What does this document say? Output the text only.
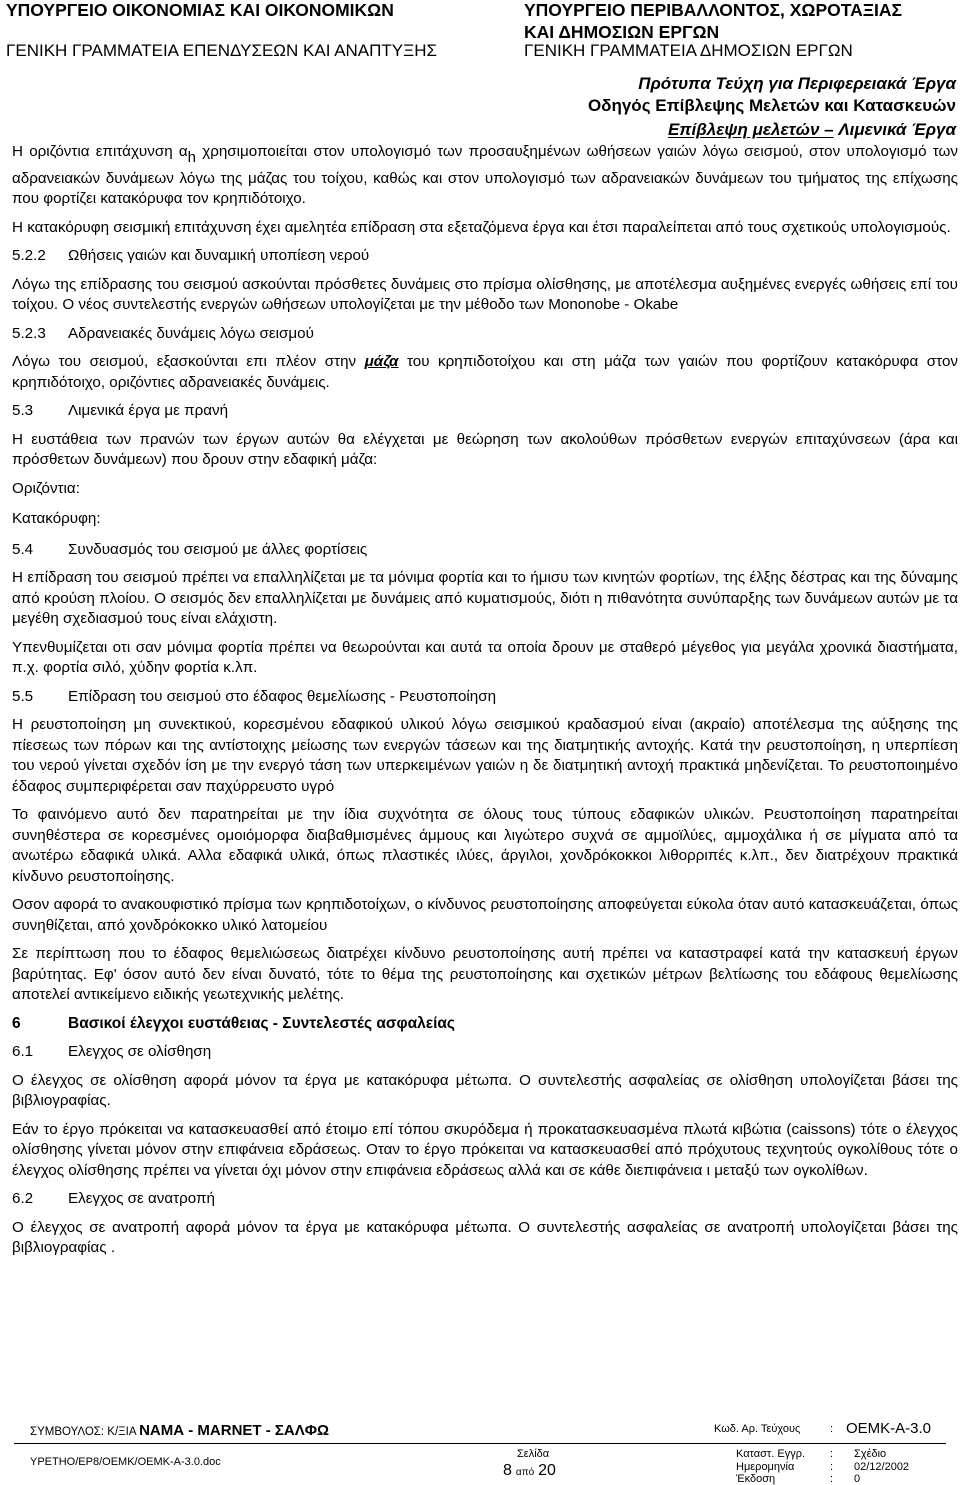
ΥΠΟΥΡΓΕΙΟ ΟΙΚΟΝΟΜΙΑΣ ΚΑΙ ΟΙΚΟΝΟΜΙΚΩΝ
ΓΕΝΙΚΗ ΓΡΑΜΜΑΤΕΙΑ ΕΠΕΝΔΥΣΕΩΝ ΚΑΙ ΑΝΑΠΤΥΞΗΣ
ΥΠΟΥΡΓΕΙΟ ΠΕΡΙΒΑΛΛΟΝΤΟΣ, ΧΩΡΟΤΑΞΙΑΣ
ΚΑΙ ΔΗΜΟΣΙΩΝ ΕΡΓΩΝ
ΓΕΝΙΚΗ ΓΡΑΜΜΑΤΕΙΑ ΔΗΜΟΣΙΩΝ ΕΡΓΩΝ
Πρότυπα Τεύχη για Περιφερειακά Έργα
Οδηγός Επίβλεψης Μελετών και Κατασκευών
Επίβλεψη μελετών – Λιμενικά Έργα

Η οριζόντια επιτάχυνση αh χρησιμοποιείται στον υπολογισμό των προσαυξημένων ωθήσεων γαιών λόγω σεισμού, στον υπολογισμό των αδρανειακών δυνάμεων λόγω της μάζας του τοίχου, καθώς και στον υπολογισμό των αδρανειακών δυνάμεων του τμήματος της επίχωσης που φορτίζει κατακόρυφα τον κρηπιδότοιχο.

Η κατακόρυφη σεισμική επιτάχυνση έχει αμελητέα επίδραση στα εξεταζόμενα έργα και έτσι παραλείπεται από τους σχετικούς υπολογισμούς.

5.2.2 Ωθήσεις γαιών και δυναμική υποπίεση νερού

Λόγω της επίδρασης του σεισμού ασκούνται πρόσθετες δυνάμεις στο πρίσμα ολίσθησης, με αποτέλεσμα αυξημένες ενεργές ωθήσεις επί του τοίχου. Ο νέος συντελεστής ενεργών ωθήσεων υπολογίζεται με την μέθοδο των Mononobe - Okabe

5.2.3 Αδρανειακές δυνάμεις λόγω σεισμού

Λόγω του σεισμού, εξασκούνται επι πλέον στην μάζα του κρηπιδοτοίχου και στη μάζα των γαιών που φορτίζουν κατακόρυφα στον κρηπιδότοιχο, οριζόντιες αδρανειακές δυνάμεις.

5.3 Λιμενικά έργα με πρανή

Η ευστάθεια των πρανών των έργων αυτών θα ελέγχεται με θεώρηση των ακολούθων πρόσθετων ενεργών επιταχύνσεων (άρα και πρόσθετων δυνάμεων) που δρουν στην εδαφική μάζα:

Οριζόντια:
Κατακόρυφη:
5.4 Συνδυασμός του σεισμού με άλλες φορτίσεις

Η επίδραση του σεισμού πρέπει να επαλληλίζεται με τα μόνιμα φορτία και το ήμισυ των κινητών φορτίων, της έλξης δέστρας και της δύναμης από κρούση πλοίου. Ο σεισμός δεν επαλληλίζεται με δυνάμεις από κυματισμούς, διότι η πιθανότητα συνύπαρξης των δυνάμεων αυτών με τα μεγέθη σχεδιασμού τους είναι ελάχιστη.

Υπενθυμίζεται οτι σαν μόνιμα φορτία πρέπει να θεωρούνται και αυτά τα οποία δρουν με σταθερό μέγεθος για μεγάλα χρονικά διαστήματα, π.χ. φορτία σιλό, χύδην φορτία κ.λπ.

5.5 Επίδραση του σεισμού στο έδαφος θεμελίωσης - Ρευστοποίηση

Η ρευστοποίηση μη συνεκτικού, κορεσμένου εδαφικού υλικού λόγω σεισμικού κραδασμού είναι (ακραίο) αποτέλεσμα της αύξησης της πίεσεως των πόρων και της αντίστοιχης μείωσης των ενεργών τάσεων και της διατμητικής αντοχής. Κατά την ρευστοποίηση, η υπερπίεση του νερού γίνεται σχεδόν ίση με την ενεργό τάση των υπερκειμένων γαιών η δε διατμητική αντοχή πρακτικά μηδενίζεται. Το ρευστοποιημένο έδαφος συμπεριφέρεται σαν παχύρρευστο υγρό

Το φαινόμενο αυτό δεν παρατηρείται με την ίδια συχνότητα σε όλους τους τύπους εδαφικών υλικών. Ρευστοποίηση παρατηρείται συνηθέστερα σε κορεσμένες ομοιόμορφα διαβαθμισμένες άμμους και λιγώτερο συχνά σε αμμοϊλύες, αμμοχάλικα ή σε μίγματα από τα ανωτέρω εδαφικά υλικά. Αλλα εδαφικά υλικά, όπως πλαστικές ιλύες, άργιλοι, χονδρόκοκκοι λιθορριπές κ.λπ., δεν διατρέχουν πρακτικά κίνδυνο ρευστοποίησης.

Οσον αφορά το ανακουφιστικό πρίσμα των κρηπιδοτοίχων, ο κίνδυνος ρευστοποίησης αποφεύγεται εύκολα όταν αυτό κατασκευάζεται, όπως συνηθίζεται, από χονδρόκοκκο υλικό λατομείου

Σε περίπτωση που το έδαφος θεμελιώσεως διατρέχει κίνδυνο ρευστοποίησης αυτή πρέπει να καταστραφεί κατά την κατασκευή έργων βαρύτητας. Εφ' όσον αυτό δεν είναι δυνατό, τότε το θέμα της ρευστοποίησης και σχετικών μέτρων βελτίωσης του εδάφους θεμελίωσης αποτελεί αντικείμενο ειδικής γεωτεχνικής μελέτης.

6	Βασικοί έλεγχοι ευστάθειας - Συντελεστές ασφαλείας
6.1 Ελεγχος σε ολίσθηση

Ο έλεγχος σε ολίσθηση αφορά μόνον τα έργα με κατακόρυφα μέτωπα. Ο συντελεστής ασφαλείας σε ολίσθηση υπολογίζεται βάσει της βιβλιογραφίας.

Εάν το έργο πρόκειται να κατασκευασθεί από έτοιμο επί τόπου σκυρόδεμα ή προκατασκευασμένα πλωτά κιβώτια (caissons) τότε ο έλεγχος ολίσθησης γίνεται μόνον στην επιφάνεια εδράσεως. Οταν το έργο πρόκειται να κατασκευασθεί από πρόχυτους τεχνητούς ογκολίθους τότε ο έλεγχος ολίσθησης πρέπει να γίνεται όχι μόνον στην επιφάνεια εδράσεως αλλά και σε κάθε διεπιφάνεια ι μεταξύ των ογκολίθων.

6.2 Ελεγχος σε ανατροπή

Ο έλεγχος σε ανατροπή αφορά μόνον τα έργα με κατακόρυφα μέτωπα. Ο συντελεστής ασφαλείας σε ανατροπή υπολογίζεται βάσει της βιβλιογραφίας .

ΣΥΜΒΟΥΛΟΣ: Κ/ΞΙΑ ΝΑΜΑ - MARNET - ΣΑΛΦΩ	Κωδ. Αρ. Τεύχους	: ΟΕΜΚ-Α-3.0
ΥΡΕΤΗΟ/ΕΡ8/ΟΕΜΚ/ΟΕΜΚ-Α-3.0.doc
Σελίδα
8 από 20
Καταστ. Εγγρ. : Σχέδιο
Ημερομηνία	: 02/12/2002
Έκδοση	: 0
